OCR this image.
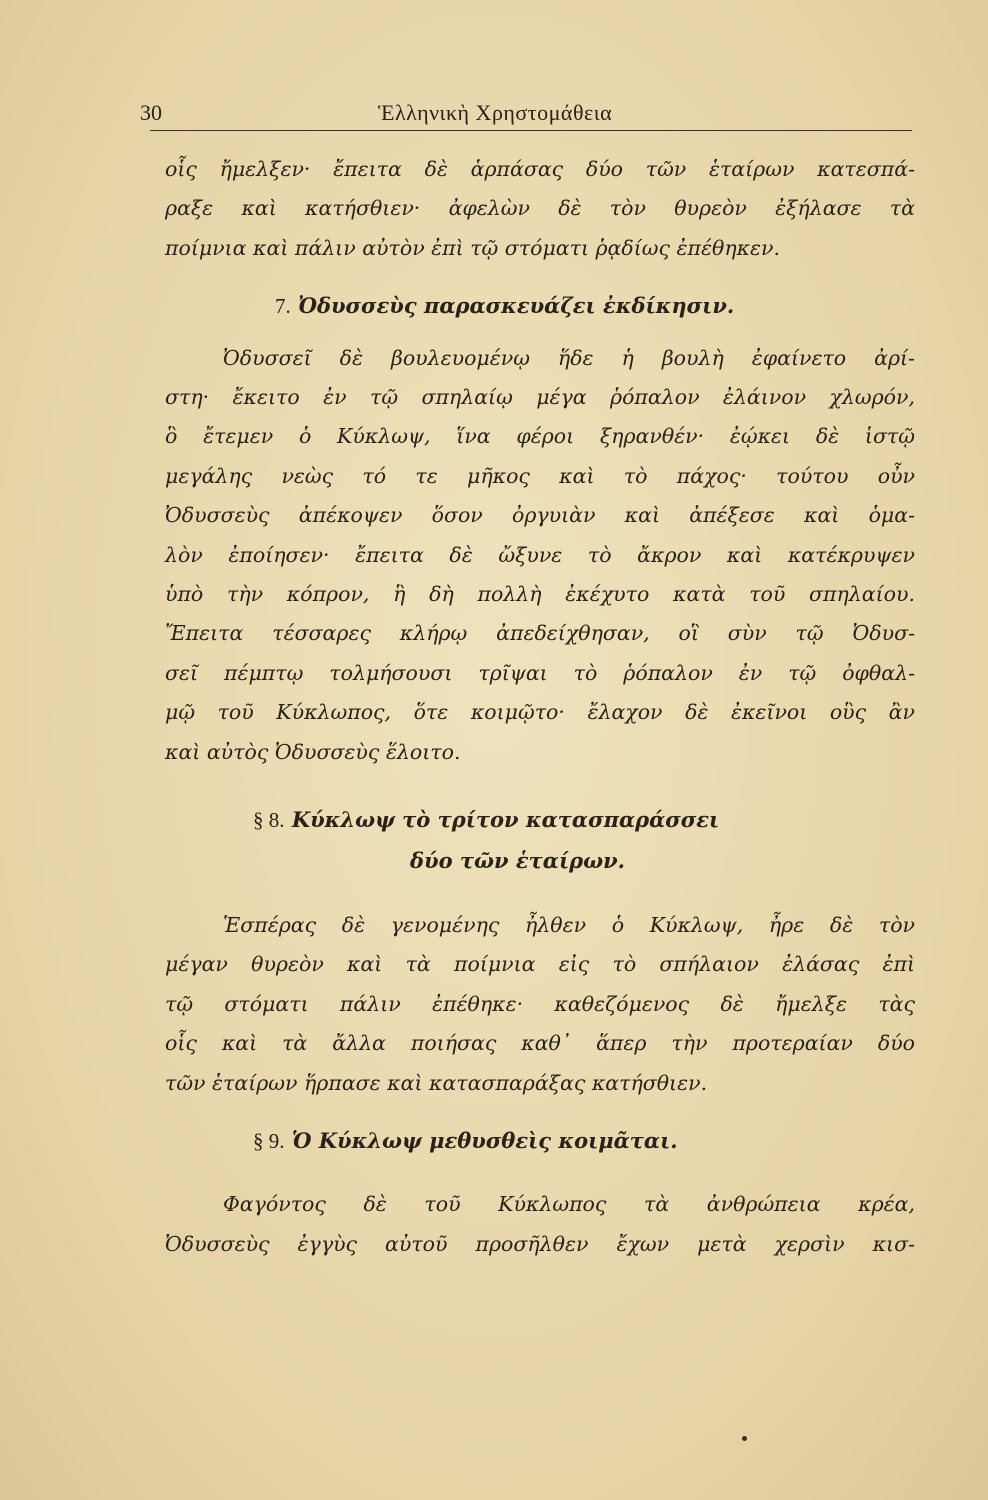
30	Ἑλληνικὴ Χρηστομάθεια
οἷς ἤμελξεν· ἔπειτα δὲ ἁρπάσας δύο τῶν ἑταίρων κατεσπά-
ραξε καὶ κατήσθιεν· ἀφελὼν δὲ τὸν θυρεὸν ἐξήλασε τὰ
ποίμνια καὶ πάλιν αὐτὸν ἐπὶ τῷ στόματι ῥᾳδίως ἐπέθηκεν.
7. Ὀδυσσεὺς παρασκευάζει ἐκδίκησιν.
Ὀδυσσεῖ δὲ βουλευομένῳ ἥδε ἡ βουλὴ ἐφαίνετο ἀρί-
στη· ἔκειτο ἐν τῷ σπηλαίῳ μέγα ῥόπαλον ἐλάινον χλωρόν,
ὃ ἔτεμεν ὁ Κύκλωψ, ἵνα φέροι ξηρανθέν· ἐῴκει δὲ ἱστῷ
μεγάλης νεὼς τό τε μῆκος καὶ τὸ πάχος· τούτου οὖν
Ὀδυσσεὺς ἀπέκοψεν ὅσον ὀργυιὰν καὶ ἀπέξεσε καὶ ὁμα-
λὸν ἐποίησεν· ἔπειτα δὲ ὤξυνε τὸ ἄκρον καὶ κατέκρυψεν
ὑπὸ τὴν κόπρον, ἣ δὴ πολλὴ ἐκέχυτο κατὰ τοῦ σπηλαίου.
Ἔπειτα τέσσαρες κλήρῳ ἀπεδείχθησαν, οἳ σὺν τῷ Ὀδυσ-
σεῖ πέμπτῳ τολμήσουσι τρῖψαι τὸ ῥόπαλον ἐν τῷ ὀφθαλ-
μῷ τοῦ Κύκλωπος, ὅτε κοιμῷτο· ἔλαχον δὲ ἐκεῖνοι οὓς ἂν
καὶ αὐτὸς Ὀδυσσεὺς ἕλοιτο.
§ 8. Κύκλωψ τὸ τρίτον κατασπαράσσει
δύο τῶν ἑταίρων.
Ἑσπέρας δὲ γενομένης ἦλθεν ὁ Κύκλωψ, ἦρε δὲ τὸν
μέγαν θυρεὸν καὶ τὰ ποίμνια εἰς τὸ σπήλαιον ἐλάσας ἐπὶ
τῷ στόματι πάλιν ἐπέθηκε· καθεζόμενος δὲ ἤμελξε τὰς
οἷς καὶ τὰ ἄλλα ποιήσας καθ᾽ ἅπερ τὴν προτεραίαν δύο
τῶν ἑταίρων ἥρπασε καὶ κατασπαράξας κατήσθιεν.
§ 9. Ὁ Κύκλωψ μεθυσθεὶς κοιμᾶται.
Φαγόντος δὲ τοῦ Κύκλωπος τὰ ἀνθρώπεια κρέα,
Ὀδυσσεὺς ἐγγὺς αὐτοῦ προσῆλθεν ἔχων μετὰ χερσὶν κισ-
